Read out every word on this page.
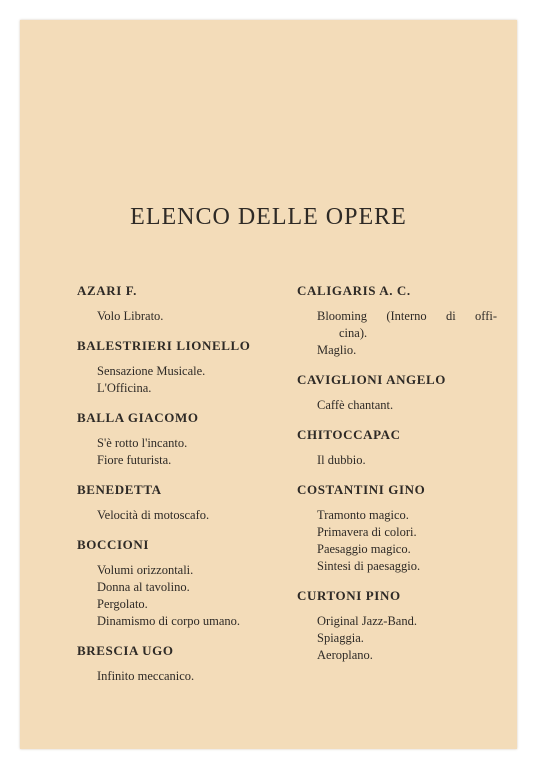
ELENCO DELLE OPERE
AZARI F.
Volo Librato.
BALESTRIERI LIONELLO
Sensazione Musicale.
L'Officina.
BALLA GIACOMO
S'è rotto l'incanto.
Fiore futurista.
BENEDETTA
Velocità di motoscafo.
BOCCIONI
Volumi orizzontali.
Donna al tavolino.
Pergolato.
Dinamismo di corpo umano.
BRESCIA UGO
Infinito meccanico.
CALIGARIS A. C.
Blooming (Interno di offi-
cina).
Maglio.
CAVIGLIONI ANGELO
Caffè chantant.
CHITOCCAPAC
Il dubbio.
COSTANTINI GINO
Tramonto magico.
Primavera di colori.
Paesaggio magico.
Sintesi di paesaggio.
CURTONI PINO
Original Jazz-Band.
Spiaggia.
Aeroplano.
